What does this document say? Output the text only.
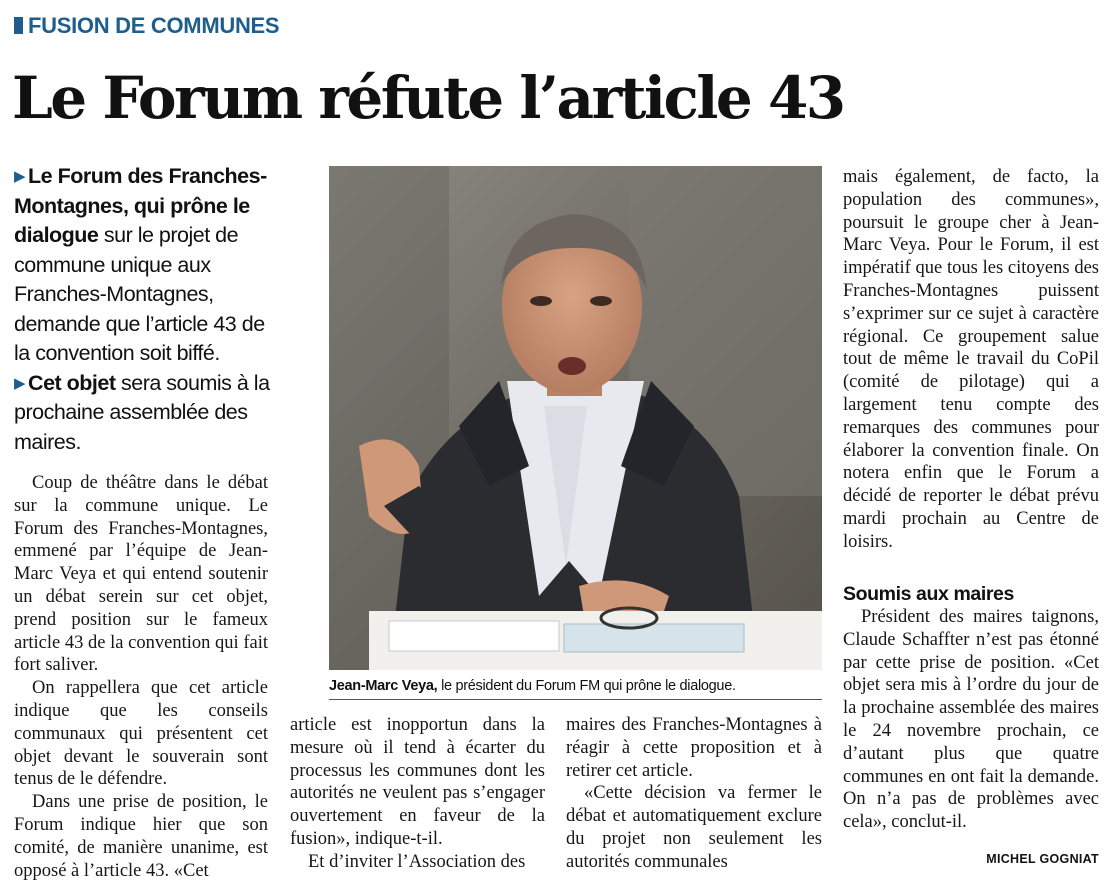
FUSION DE COMMUNES
Le Forum réfute l’article 43

▶ Le Forum des Franches-Montagnes, qui prône le dialogue sur le projet de commune unique aux Franches-Montagnes, demande que l’article 43 de la convention soit biffé.

▶ Cet objet sera soumis à la prochaine assemblée des maires.

Coup de théâtre dans le débat sur la commune unique. Le Forum des Franches-Montagnes, emmené par l’équipe de Jean-Marc Veya et qui entend soutenir un débat serein sur cet objet, prend position sur le fameux article 43 de la convention qui fait fort saliver.

On rappellera que cet article indique que les conseils communaux qui présentent cet objet devant le souverain sont tenus de le défendre.

Dans une prise de position, le Forum indique hier que son comité, de manière unanime, est opposé à l’article 43. «Cet

Jean-Marc Veya, le président du Forum FM qui prône le dialogue.

article est inopportun dans la mesure où il tend à écarter du processus les communes dont les autorités ne veulent pas s’engager ouvertement en faveur de la fusion», indique-t-il.

Et d’inviter l’Association des

maires des Franches-Montagnes à réagir à cette proposition et à retirer cet article.

«Cette décision va fermer le débat et automatiquement exclure du projet non seulement les autorités communales

mais également, de facto, la population des communes», poursuit le groupe cher à Jean-Marc Veya. Pour le Forum, il est impératif que tous les citoyens des Franches-Montagnes puissent s’exprimer sur ce sujet à caractère régional. Ce groupement salue tout de même le travail du CoPil (comité de pilotage) qui a largement tenu compte des remarques des communes pour élaborer la convention finale. On notera enfin que le Forum a décidé de reporter le débat prévu mardi prochain au Centre de loisirs.

Soumis aux maires

Président des maires taignons, Claude Schaffter n’est pas étonné par cette prise de position. «Cet objet sera mis à l’ordre du jour de la prochaine assemblée des maires le 24 novembre prochain, ce d’autant plus que quatre communes en ont fait la demande. On n’a pas de problèmes avec cela», conclut-il.

MICHEL GOGNIAT
